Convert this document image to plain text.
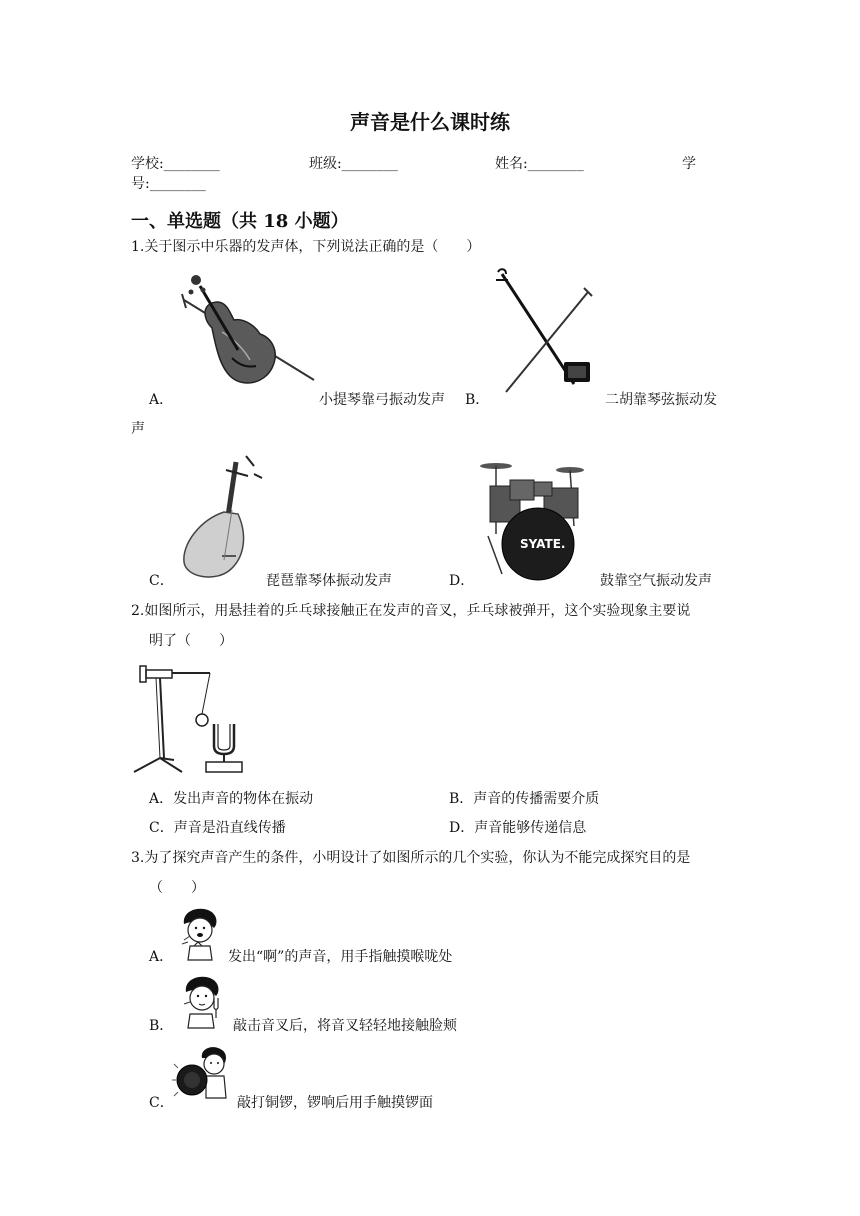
声音是什么课时练
学校:________	班级:________	姓名:________	学
号:________
一、单选题（共 18 小题）
1.关于图示中乐器的发声体，下列说法正确的是（　　）
A．	小提琴靠弓振动发声 B．	二胡靠琴弦振动发
声
C．	琵琶靠琴体振动发声
SYATE.
D．	鼓靠空气振动发声
2.如图所示，用悬挂着的乒乓球接触正在发声的音叉，乒乓球被弹开，这个实验现象主要说
明了（　　）
A．发出声音的物体在振动	B．声音的传播需要介质
C．声音是沿直线传播	D．声音能够传递信息
3.为了探究声音产生的条件，小明设计了如图所示的几个实验，你认为不能完成探究目的是
（　　）
A．	发出“啊”的声音，用手指触摸喉咙处
B．	敲击音叉后，将音叉轻轻地接触脸颊
C．	敲打铜锣，锣响后用手触摸锣面
